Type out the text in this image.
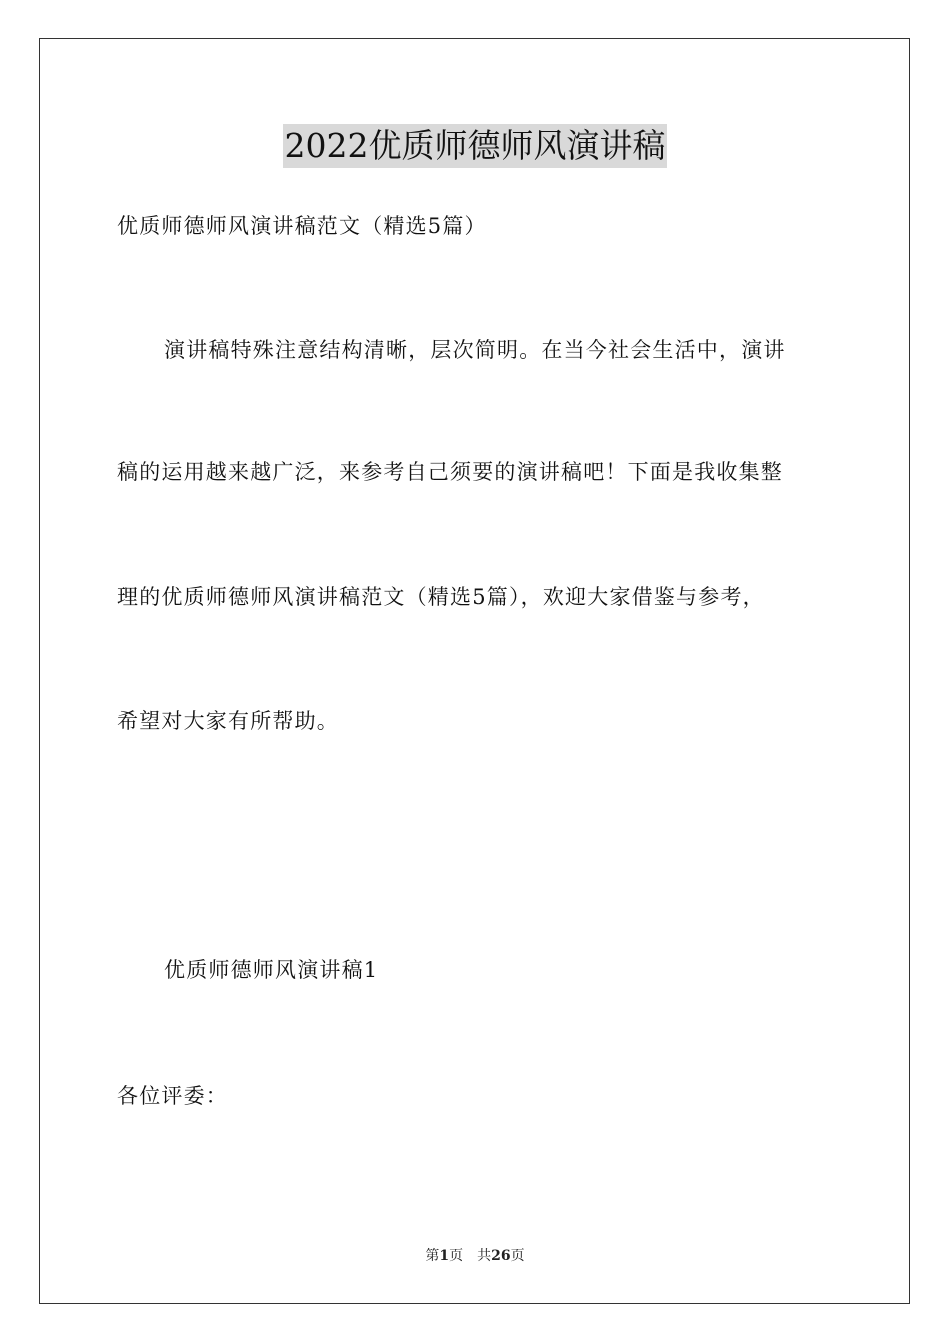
2022优质师德师风演讲稿
优质师德师风演讲稿范文（精选5篇）
演讲稿特殊注意结构清晰，层次简明。在当今社会生活中，演讲
稿的运用越来越广泛，来参考自己须要的演讲稿吧！下面是我收集整
理的优质师德师风演讲稿范文（精选5篇），欢迎大家借鉴与参考，
希望对大家有所帮助。
优质师德师风演讲稿1
各位评委：
第1页 共26页
